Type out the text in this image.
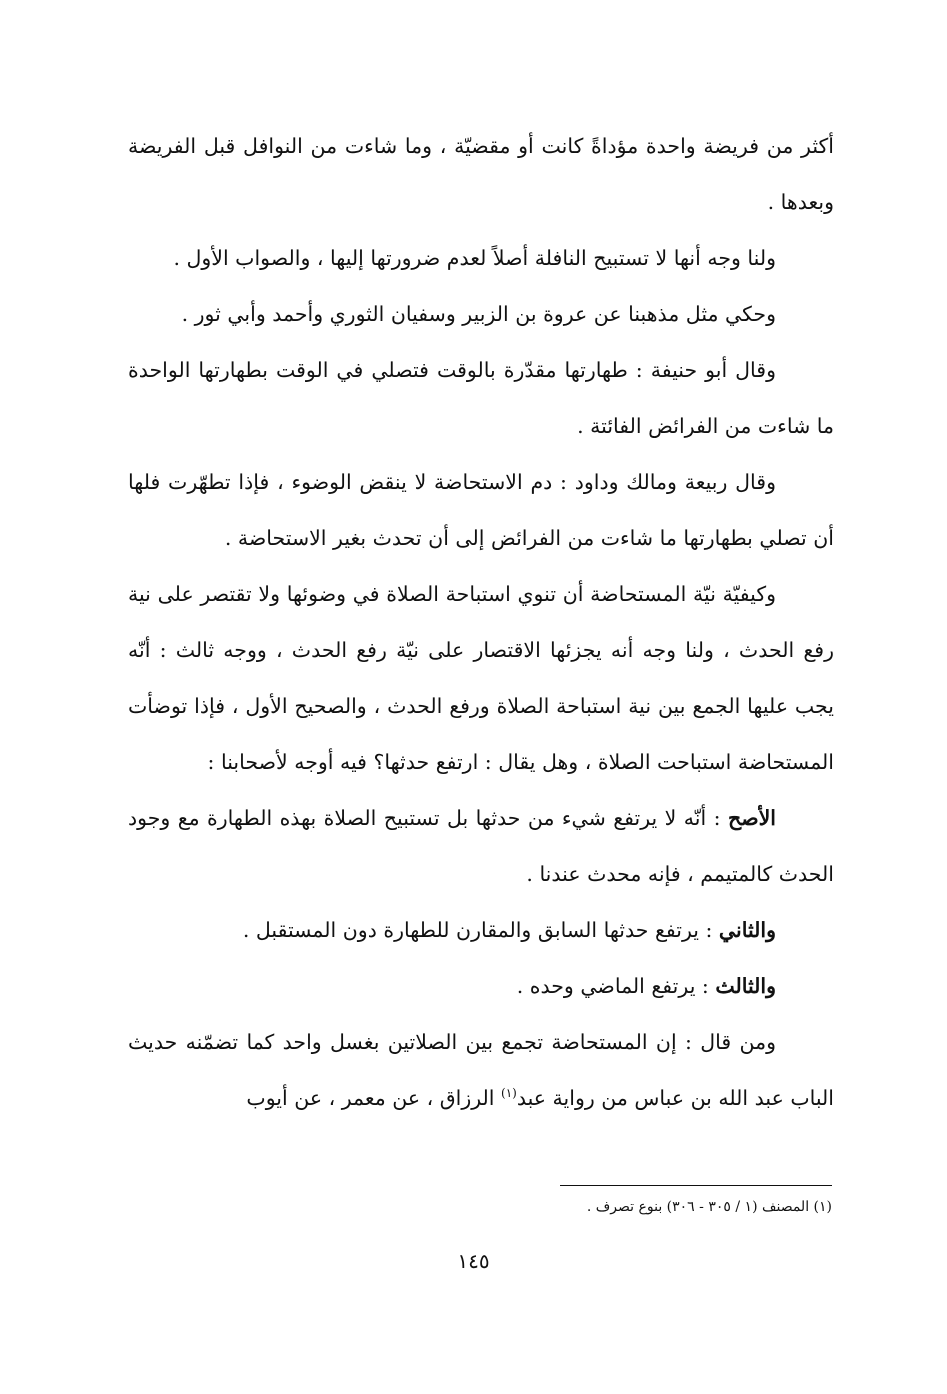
أكثر من فريضة واحدة مؤداةً كانت أو مقضيّة ، وما شاءت من النوافل قبل الفريضة وبعدها .

ولنا وجه أنها لا تستبيح النافلة أصلاً لعدم ضرورتها إليها ، والصواب الأول .

وحكي مثل مذهبنا عن عروة بن الزبير وسفيان الثوري وأحمد وأبي ثور .

وقال أبو حنيفة : طهارتها مقدّرة بالوقت فتصلي في الوقت بطهارتها الواحدة ما شاءت من الفرائض الفائتة .

وقال ربيعة ومالك وداود : دم الاستحاضة لا ينقض الوضوء ، فإذا تطهّرت فلها أن تصلي بطهارتها ما شاءت من الفرائض إلى أن تحدث بغير الاستحاضة .

وكيفيّة نيّة المستحاضة أن تنوي استباحة الصلاة في وضوئها ولا تقتصر على نية رفع الحدث ، ولنا وجه أنه يجزئها الاقتصار على نيّة رفع الحدث ، ووجه ثالث : أنّه يجب عليها الجمع بين نية استباحة الصلاة ورفع الحدث ، والصحيح الأول ، فإذا توضأت المستحاضة استباحت الصلاة ، وهل يقال : ارتفع حدثها؟ فيه أوجه لأصحابنا :

الأصح : أنّه لا يرتفع شيء من حدثها بل تستبيح الصلاة بهذه الطهارة مع وجود الحدث كالمتيمم ، فإنه محدث عندنا .

والثاني : يرتفع حدثها السابق والمقارن للطهارة دون المستقبل .

والثالث : يرتفع الماضي وحده .

ومن قال : إن المستحاضة تجمع بين الصلاتين بغسل واحد كما تضمّنه حديث الباب عبد الله بن عباس من رواية عبد$^{(١)}$ الرزاق ، عن معمر ، عن أيوب

(١) المصنف (١ / ٣٠٥ - ٣٠٦) بنوع تصرف .
١٤٥
